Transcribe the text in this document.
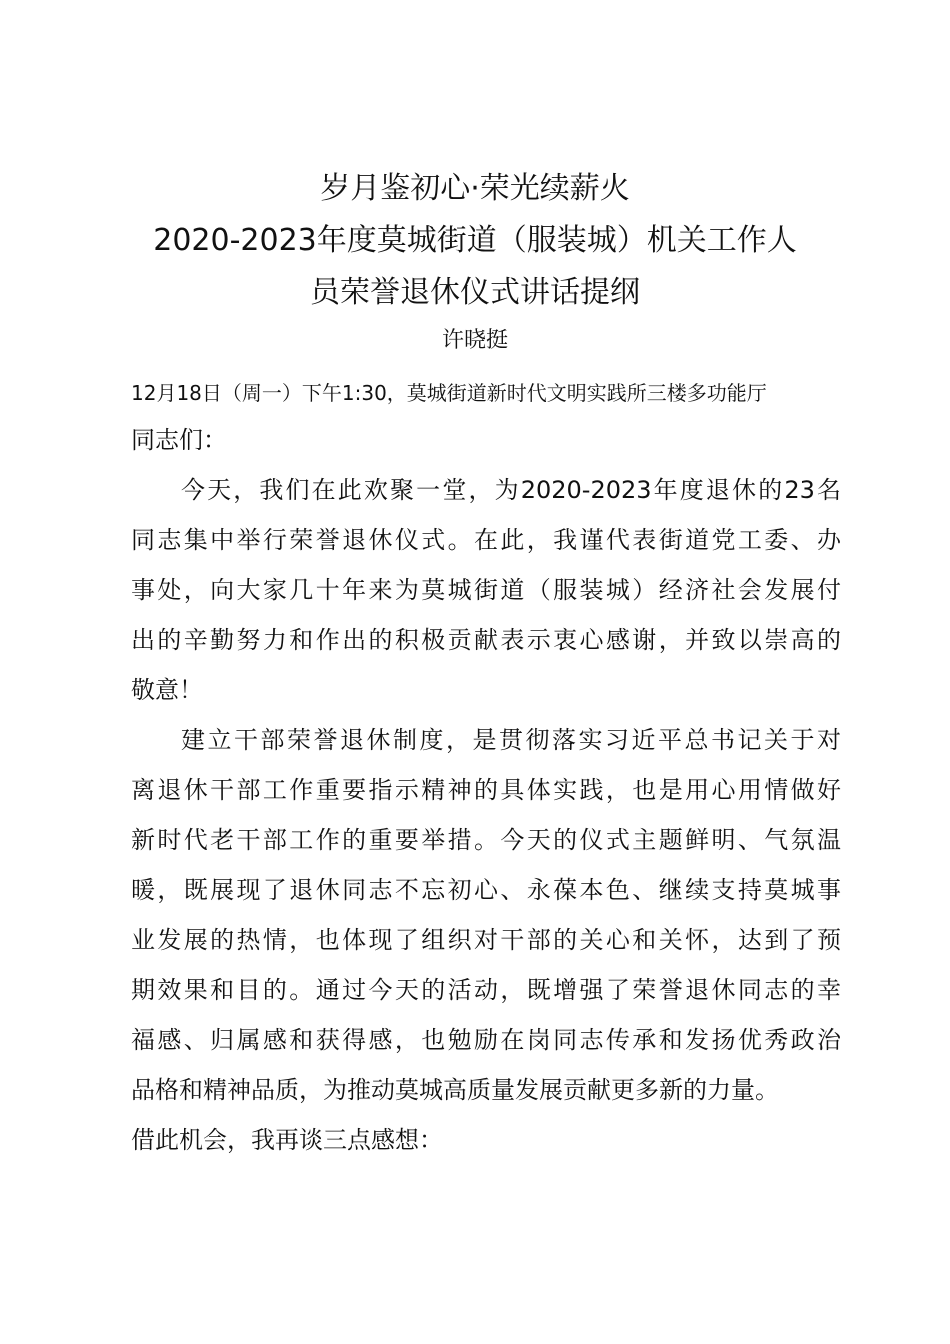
岁月鉴初心·荣光续薪火
2020-2023年度莫城街道（服装城）机关工作人
员荣誉退休仪式讲话提纲
许晓挺
12月18日（周一）下午1:30，莫城街道新时代文明实践所三楼多功能厅
同志们：
今天，我们在此欢聚一堂，为2020-2023年度退休的23名
同志集中举行荣誉退休仪式。在此，我谨代表街道党工委、办
事处，向大家几十年来为莫城街道（服装城）经济社会发展付
出的辛勤努力和作出的积极贡献表示衷心感谢，并致以崇高的
敬意！
建立干部荣誉退休制度，是贯彻落实习近平总书记关于对
离退休干部工作重要指示精神的具体实践，也是用心用情做好
新时代老干部工作的重要举措。今天的仪式主题鲜明、气氛温
暖，既展现了退休同志不忘初心、永葆本色、继续支持莫城事
业发展的热情，也体现了组织对干部的关心和关怀，达到了预
期效果和目的。通过今天的活动，既增强了荣誉退休同志的幸
福感、归属感和获得感，也勉励在岗同志传承和发扬优秀政治
品格和精神品质，为推动莫城高质量发展贡献更多新的力量。
借此机会，我再谈三点感想：
